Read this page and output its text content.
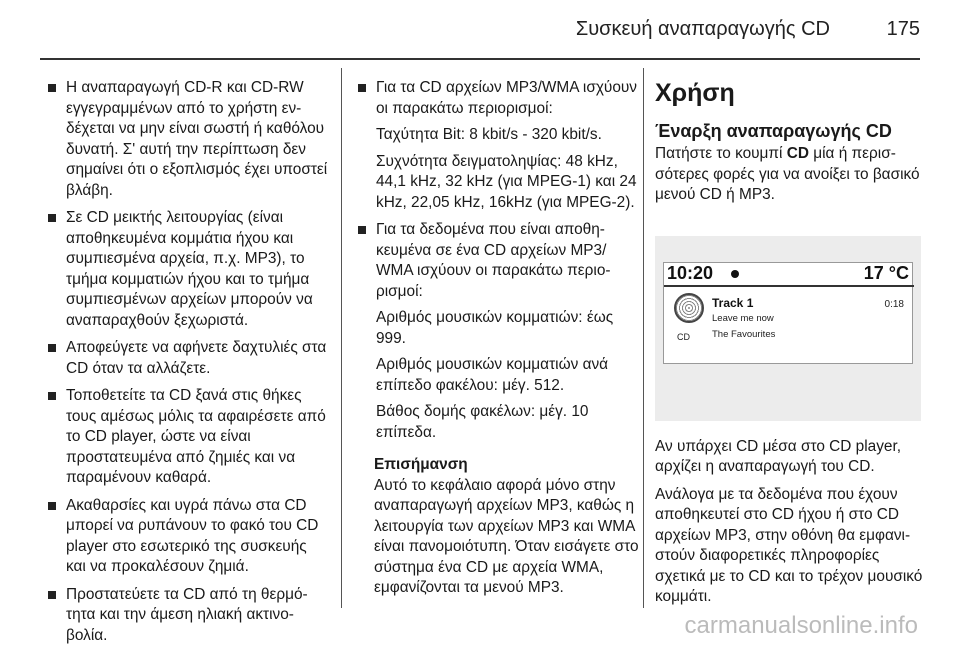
Συσκευή αναπαραγωγής CD	175
Η αναπαραγωγή CD-R και CD-RW εγγεγραμμένων από το χρήστη ενδέχεται να μην είναι σωστή ή καθόλου δυνατή. Σ' αυτή την περίπτωση δεν σημαίνει ότι ο εξοπλισμός έχει υποστεί βλάβη.
Σε CD μεικτής λειτουργίας (είναι αποθηκευμένα κομμάτια ήχου και συμπιεσμένα αρχεία, π.χ. MP3), το τμήμα κομματιών ήχου και το τμήμα συμπιεσμένων αρχείων μπορούν να αναπαραχθούν ξεχωριστά.
Αποφεύγετε να αφήνετε δαχτυλιές στα CD όταν τα αλλάζετε.
Τοποθετείτε τα CD ξανά στις θήκες τους αμέσως μόλις τα αφαιρέσετε από το CD player, ώστε να είναι προστατευμένα από ζημιές και να παραμένουν καθαρά.
Ακαθαρσίες και υγρά πάνω στα CD μπορεί να ρυπάνουν το φακό του CD player στο εσωτερικό της συσκευής και να προκαλέσουν ζημιά.
Προστατεύετε τα CD από τη θερμότητα και την άμεση ηλιακή ακτινοβολία.
Για τα CD αρχείων MP3/WMA ισχύουν οι παρακάτω περιορισμοί:
Ταχύτητα Bit: 8 kbit/s - 320 kbit/s.
Συχνότητα δειγματοληψίας: 48 kHz, 44,1 kHz, 32 kHz (για MPEG-1) και 24 kHz, 22,05 kHz, 16kHz (για MPEG-2).
Για τα δεδομένα που είναι αποθηκευμένα σε ένα CD αρχείων MP3/ WMA ισχύουν οι παρακάτω περιορισμοί:
Αριθμός μουσικών κομματιών: έως 999.
Αριθμός μουσικών κομματιών ανά επίπεδο φακέλου: μέγ. 512.
Βάθος δομής φακέλων: μέγ. 10 επίπεδα.
Επισήμανση
Αυτό το κεφάλαιο αφορά μόνο στην αναπαραγωγή αρχείων MP3, καθώς η λειτουργία των αρχείων MP3 και WMA είναι πανομοιότυπη. Όταν εισάγετε στο σύστημα ένα CD με αρχεία WMA, εμφανίζονται τα μενού MP3.
Χρήση
Έναρξη αναπαραγωγής CD

Πατήστε το κουμπί CD μία ή περισσότερες φορές για να ανοίξει το βασικό μενού CD ή MP3.

10:20	17 °C
CD
Track 1
Leave me now
The Favourites
0:18

Αν υπάρχει CD μέσα στο CD player, αρχίζει η αναπαραγωγή του CD.

Ανάλογα με τα δεδομένα που έχουν αποθηκευτεί στο CD ήχου ή στο CD αρχείων MP3, στην οθόνη θα εμφανιστούν διαφορετικές πληροφορίες σχετικά με το CD και το τρέχον μουσικό κομμάτι.

carmanualsonline.info
